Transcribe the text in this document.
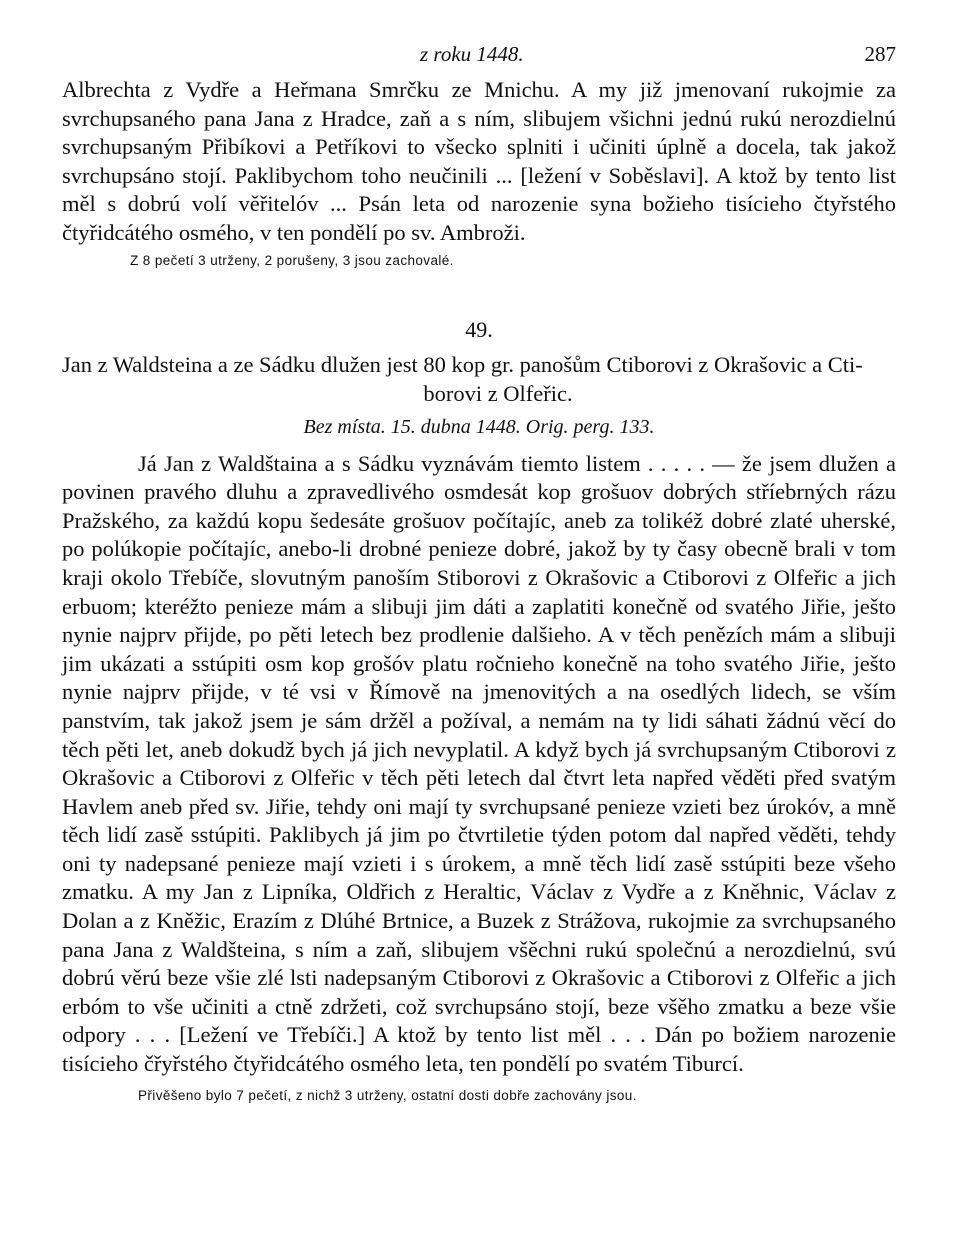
z roku 1448.	287

Albrechta z Vydře a Heřmana Smrčku ze Mnichu. A my již jmenovaní rukojmie za svrchupsaného pana Jana z Hradce, zaň a s ním, slibujem všichni jednú rukú nerozdielnú svrchupsaným Přibíkovi a Petříkovi to všecko splniti i učiniti úplně a docela, tak jakož svrchupsáno stojí. Paklibychom toho neučinili ... [ležení v Soběslavi]. A ktož by tento list měl s dobrú volí věřitelóv ... Psán leta od narozenie syna božieho tisícieho čtyřstého čtyřidcátého osmého, v ten pondělí po sv. Ambroži.

Z 8 pečetí 3 utrženy, 2 porušeny, 3 jsou zachovalé.

49.

Jan z Waldsteina a ze Sádku dlužen jest 80 kop gr. panošům Ctiborovi z Okrašovic a Cti-
borovi z Olfeřic.

Bez místa. 15. dubna 1448. Orig. perg. 133.

Já Jan z Waldštaina a s Sádku vyznávám tiemto listem . . . . . — že jsem dlužen a povinen pravého dluhu a zpravedlivého osmdesát kop grošuov dobrých stříebrných rázu Pražského, za každú kopu šedesáte grošuov počítajíc, aneb za tolikéž dobré zlaté uherské, po polúkopie počítajíc, anebo-li drobné penieze dobré, jakož by ty časy obecně brali v tom kraji okolo Třebíče, slovutným panoším Stiborovi z Okrašovic a Ctiborovi z Olfeřic a jich erbuom; kteréžto penieze mám a slibuji jim dáti a zaplatiti konečně od svatého Jiřie, ješto nynie najprv přijde, po pěti letech bez prodlenie dalšieho. A v těch penězích mám a slibuji jim ukázati a sstúpiti osm kop grošóv platu ročnieho konečně na toho svatého Jiřie, ješto nynie najprv přijde, v té vsi v Římově na jmenovitých a na osedlých lidech, se vším panstvím, tak jakož jsem je sám držěl a požíval, a nemám na ty lidi sáhati žádnú věcí do těch pěti let, aneb dokudž bych já jich nevyplatil. A když bych já svrchupsaným Ctiborovi z Okrašovic a Ctiborovi z Olfeřic v těch pěti letech dal čtvrt leta napřed věděti před svatým Havlem aneb před sv. Jiřie, tehdy oni mají ty svrchupsané penieze vzieti bez úrokóv, a mně těch lidí zasě sstúpiti. Paklibych já jim po čtvrtiletie týden potom dal napřed věděti, tehdy oni ty nadepsané penieze mají vzieti i s úrokem, a mně těch lidí zasě sstúpiti beze všeho zmatku. A my Jan z Lipníka, Oldřich z Heraltic, Václav z Vydře a z Kněhnic, Václav z Dolan a z Kněžic, Erazím z Dlúhé Brtnice, a Buzek z Strážova, rukojmie za svrchupsaného pana Jana z Waldšteina, s ním a zaň, slibujem všěchni rukú společnú a nerozdielnú, svú dobrú věrú beze všie zlé lsti nadepsaným Ctiborovi z Okrašovic a Ctiborovi z Olfeřic a jich erbóm to vše učiniti a ctně zdržeti, což svrchupsáno stojí, beze všěho zmatku a beze všie odpory . . . [Ležení ve Třebíči.] A ktož by tento list měl . . . Dán po božiem narozenie tisícieho čřyřstého čtyřidcátého osmého leta, ten pondělí po svatém Tiburcí.

Přivěšeno bylo 7 pečetí, z nichž 3 utrženy, ostatní dosti dobře zachovány jsou.
